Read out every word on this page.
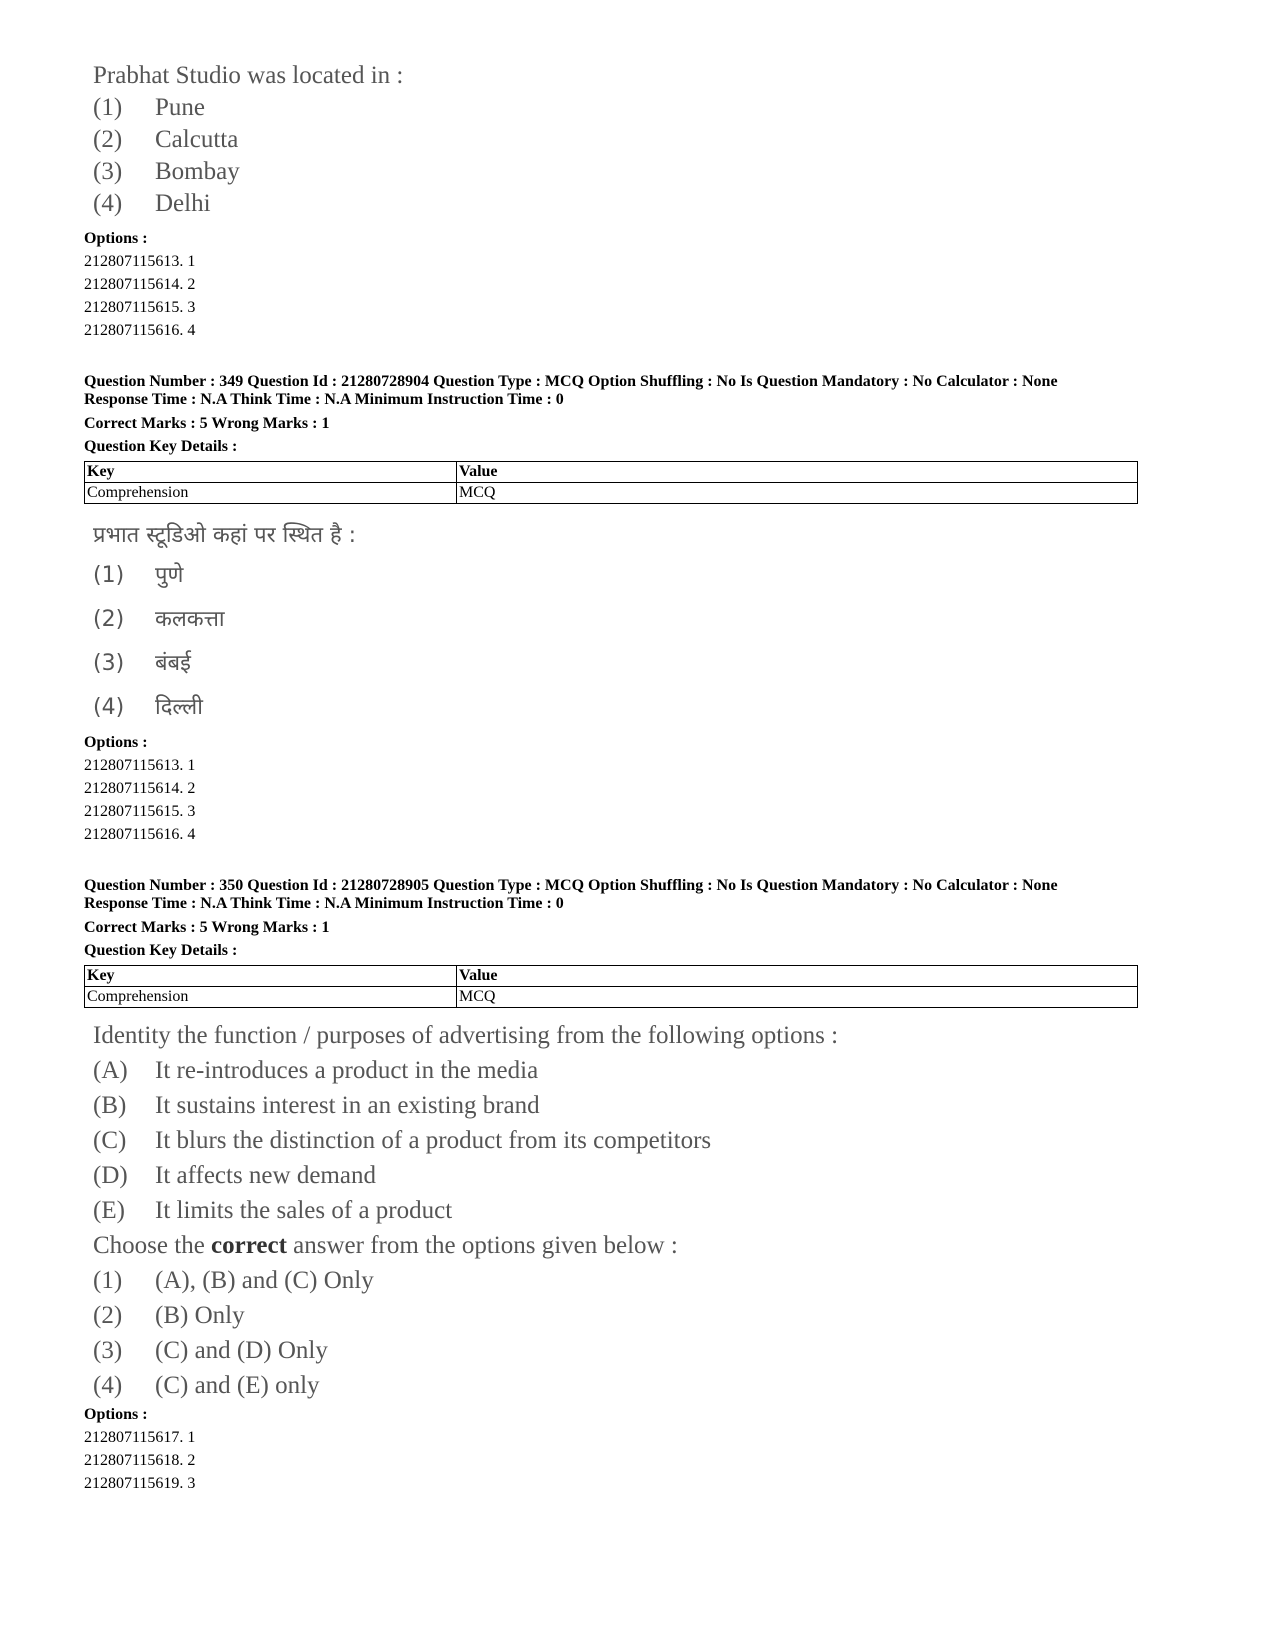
Prabhat Studio was located in :
(1) Pune
(2) Calcutta
(3) Bombay
(4) Delhi
Options :
212807115613. 1
212807115614. 2
212807115615. 3
212807115616. 4
Question Number : 349 Question Id : 21280728904 Question Type : MCQ Option Shuffling : No Is Question Mandatory : No Calculator : None
Response Time : N.A Think Time : N.A Minimum Instruction Time : 0
Correct Marks : 5 Wrong Marks : 1
Question Key Details :
Key	Value
Comprehension	MCQ
प्रभात स्टूडिओ कहां पर स्थित है :
(1) पुणे
(2) कलकत्ता
(3) बंबई
(4) दिल्ली
Options :
212807115613. 1
212807115614. 2
212807115615. 3
212807115616. 4
Question Number : 350 Question Id : 21280728905 Question Type : MCQ Option Shuffling : No Is Question Mandatory : No Calculator : None
Response Time : N.A Think Time : N.A Minimum Instruction Time : 0
Correct Marks : 5 Wrong Marks : 1
Question Key Details :
Key	Value
Comprehension	MCQ
Identity the function / purposes of advertising from the following options :
(A) It re-introduces a product in the media
(B) It sustains interest in an existing brand
(C) It blurs the distinction of a product from its competitors
(D) It affects new demand
(E) It limits the sales of a product
Choose the correct answer from the options given below :
(1) (A), (B) and (C) Only
(2) (B) Only
(3) (C) and (D) Only
(4) (C) and (E) only
Options :
212807115617. 1
212807115618. 2
212807115619. 3
